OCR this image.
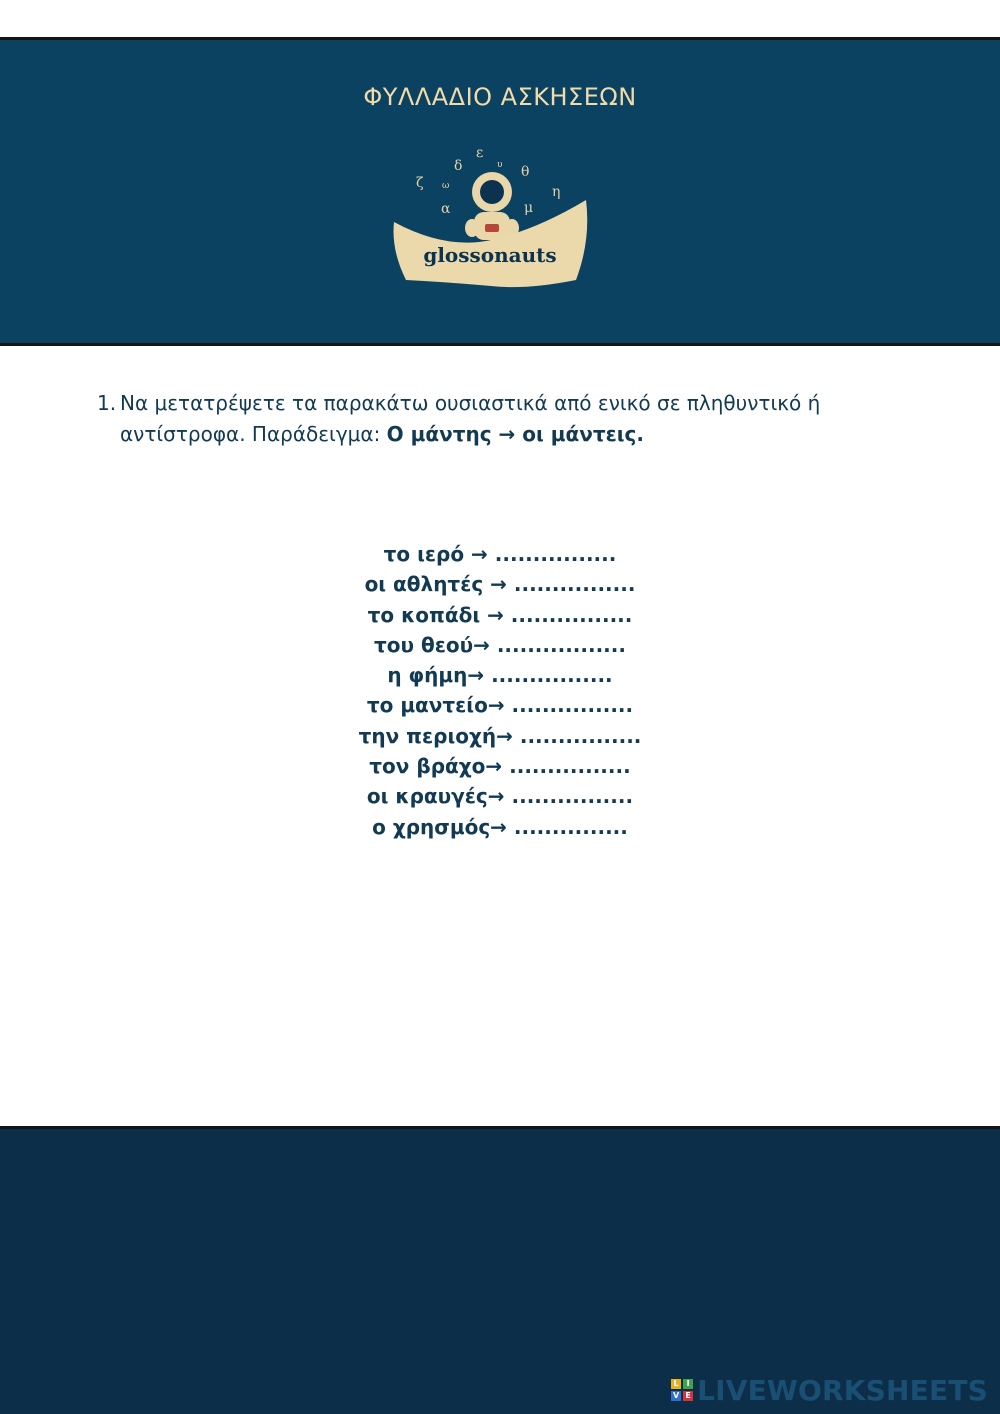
ΦΥΛΛΑΔΙΟ ΑΣΚΗΣΕΩΝ
ζ
δ
ε
θ
α	μ
η
ω
υ
glossonauts
1. Να μετατρέψετε τα παρακάτω ουσιαστικά από ενικό σε πληθυντικό ή αντίστροφα. Παράδειγμα: Ο μάντης → οι μάντεις.
το ιερό → ................
οι αθλητές → ................
το κοπάδι → ................
του θεού→ .................
η φήμη→ ................
το μαντείο→ ................
την περιοχή→ ................
τον βράχο→ ................
οι κραυγές→ ................
ο χρησμός→ ...............
L I
V E LIVEWORKSHEETS
